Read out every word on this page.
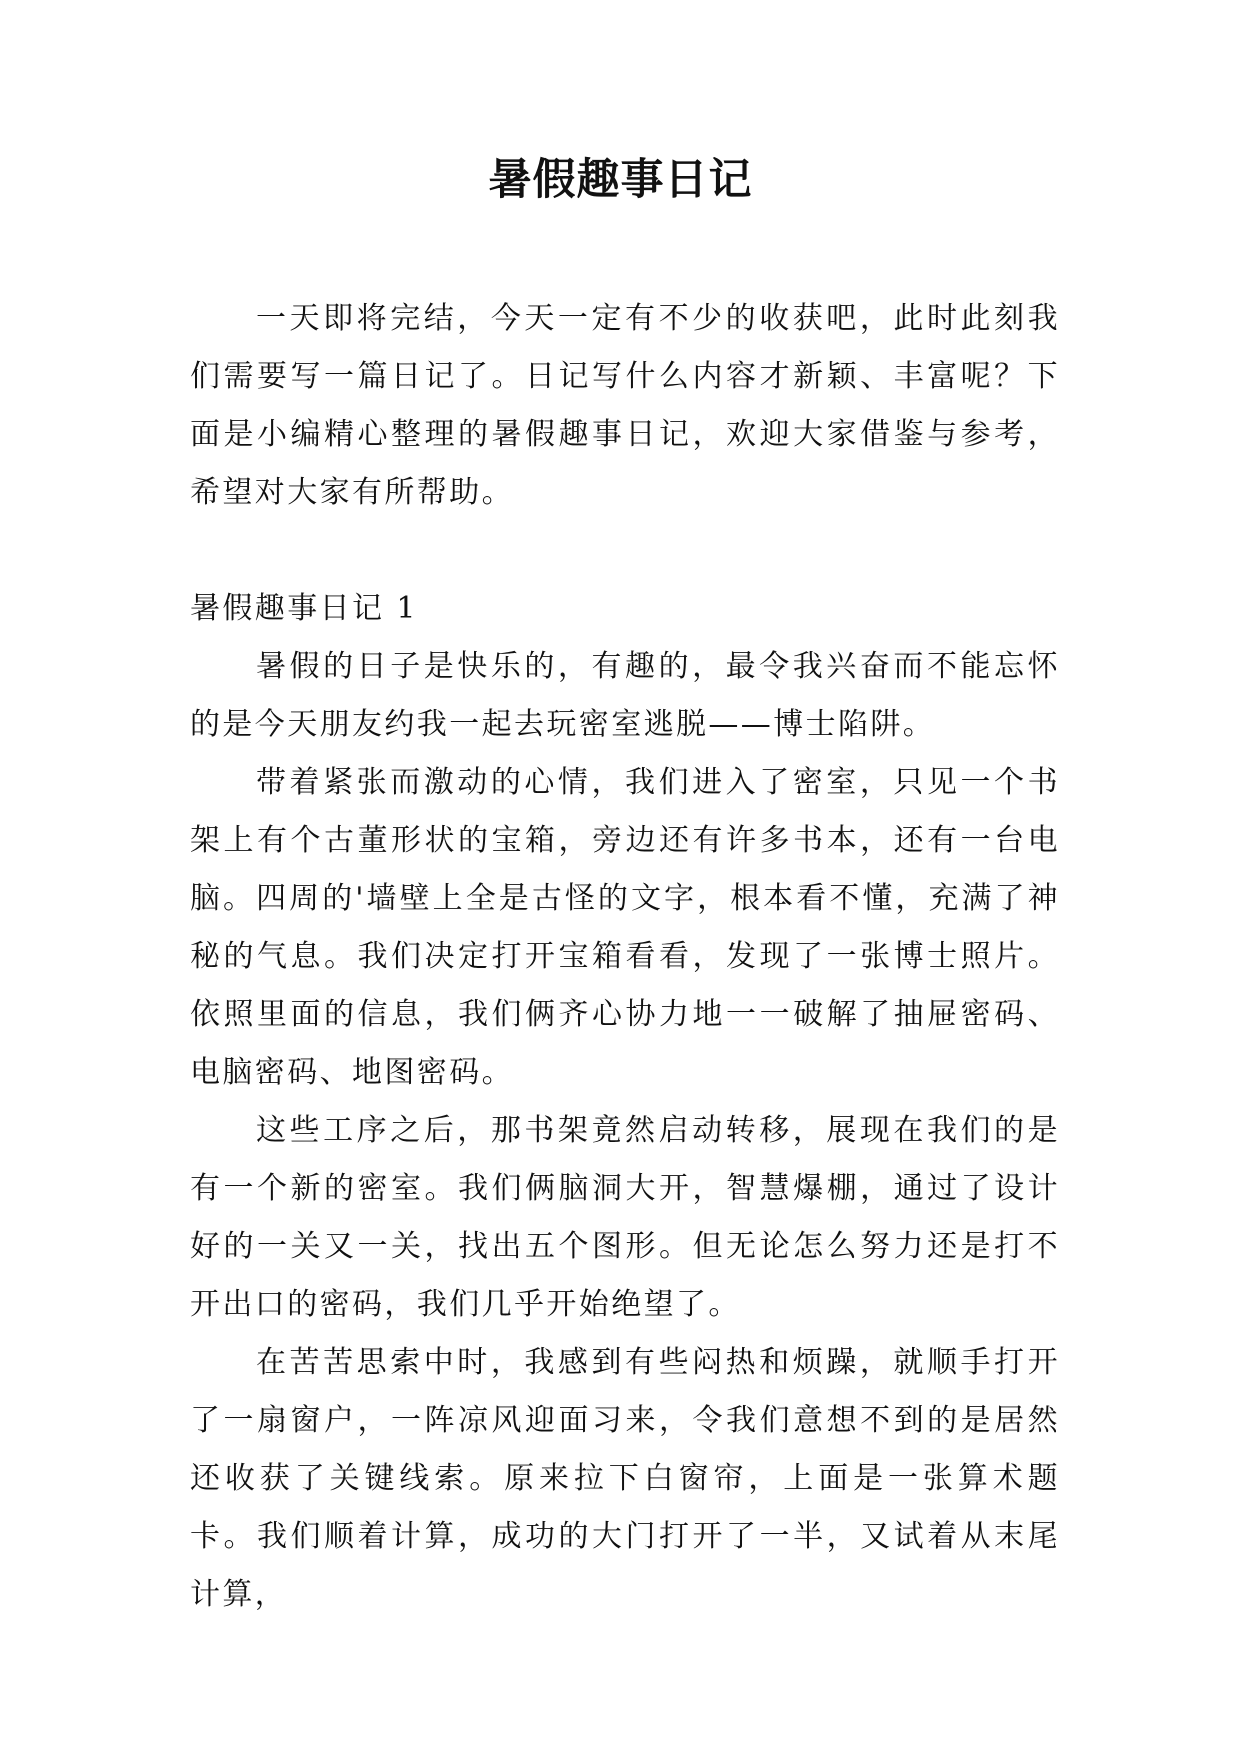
暑假趣事日记

一天即将完结，今天一定有不少的收获吧，此时此刻我们需要写一篇日记了。日记写什么内容才新颖、丰富呢？下面是小编精心整理的暑假趣事日记，欢迎大家借鉴与参考，希望对大家有所帮助。

暑假趣事日记 1

暑假的日子是快乐的，有趣的，最令我兴奋而不能忘怀的是今天朋友约我一起去玩密室逃脱——博士陷阱。

带着紧张而激动的心情，我们进入了密室，只见一个书架上有个古董形状的宝箱，旁边还有许多书本，还有一台电脑。四周的'墙壁上全是古怪的文字，根本看不懂，充满了神秘的气息。我们决定打开宝箱看看，发现了一张博士照片。依照里面的信息，我们俩齐心协力地一一破解了抽屉密码、电脑密码、地图密码。

这些工序之后，那书架竟然启动转移，展现在我们的是有一个新的密室。我们俩脑洞大开，智慧爆棚，通过了设计好的一关又一关，找出五个图形。但无论怎么努力还是打不开出口的密码，我们几乎开始绝望了。

在苦苦思索中时，我感到有些闷热和烦躁，就顺手打开了一扇窗户，一阵凉风迎面习来，令我们意想不到的是居然还收获了关键线索。原来拉下白窗帘，上面是一张算术题卡。我们顺着计算，成功的大门打开了一半，又试着从末尾计算，
